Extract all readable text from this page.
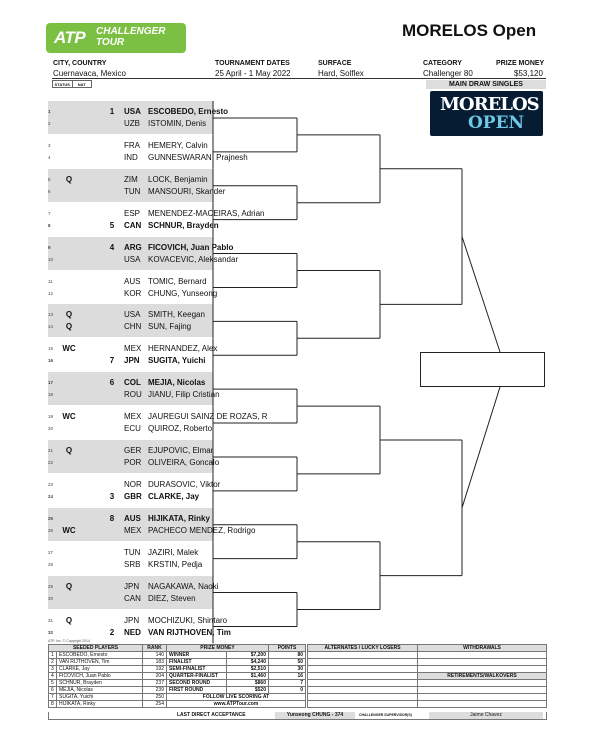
ATP CHALLENGER
TOUR
MORELOS Open
CITY, COUNTRY
Cuernavaca, Mexico
TOURNAMENT DATES
25 April - 1 May 2022
SURFACE
Hard, Solflex
CATEGORY
Challenger 80
PRIZE MONEY
$53,120
STATUS	NAT	MAIN DRAW SINGLES
MORELOS
OPEN
1	1	USA ESCOBEDO, Ernesto
2	UZB	ISTOMIN, Denis
3	FRA	HEMERY, Calvin
4	IND	GUNNESWARAN, Prajnesh
5	Q	ZIM	LOCK, Benjamin
6	TUN MANSOURI, Skander
7	ESP MENENDEZ-MACEIRAS, Adrian
8	5	CAN SCHNUR, Brayden
9	4	ARG FICOVICH, Juan Pablo
10	USA KOVACEVIC, Aleksandar
11	AUS TOMIC, Bernard
12	KOR CHUNG, Yunseong
13	Q	USA SMITH, Keegan
14	Q	CHN SUN, Fajing
15	WC	MEX HERNANDEZ, Alex
16	7	JPN	SUGITA, Yuichi
17	6	COL MEJIA, Nicolas
18	ROU JIANU, Filip Cristian
19	WC	MEX JAUREGUI SAINZ DE ROZAS, R
20	ECU QUIROZ, Roberto
21	Q	GER EJUPOVIC, Elmar
22	POR OLIVEIRA, Goncalo
23	NOR DURASOVIC, Viktor
24	3	GBR CLARKE, Jay
25	8	AUS HIJIKATA, Rinky
26	WC	MEX PACHECO MENDEZ, Rodrigo
27	TUN JAZIRI, Malek
28	SRB KRSTIN, Pedja
29	Q	JPN	NAGAKAWA, Naoki
30	CAN DIEZ, Steven
31	Q	JPN	MOCHIZUKI, Shintaro
32	2	NED VAN RIJTHOVEN, Tim
ATP, Inc. © Copyright 2014
SEEDED PLAYERS		RANK	PRIZE MONEY		POINTS
1	ESCOBEDO, Ernesto	140	WINNER	$7,200	80
2	VAN RIJTHOVEN, Tim	183	FINALIST	$4,240	50
3	CLARKE, Jay	192	SEMI-FINALIST	$2,510	30
4	FICOVICH, Juan Pablo	204	QUARTER-FINALIST	$1,460	16
5	SCHNUR, Brayden	237	SECOND ROUND	$860	7
6	MEJIA, Nicolas	239	FIRST ROUND	$520	0
7	SUGITA, Yuichi	250	FOLLOW LIVE SCORING AT		
8	HIJIKATA, Rinky	254	www.ATPTour.com		
ALTERNATES / LUCKY LOSERS	WITHDRAWALS

	RETIREMENTS/WALKOVERS

LAST DIRECT ACCEPTANCE	Yunseong CHUNG - 374	CHALLENGER SUPERVISOR(S)	Jaime Chavez
